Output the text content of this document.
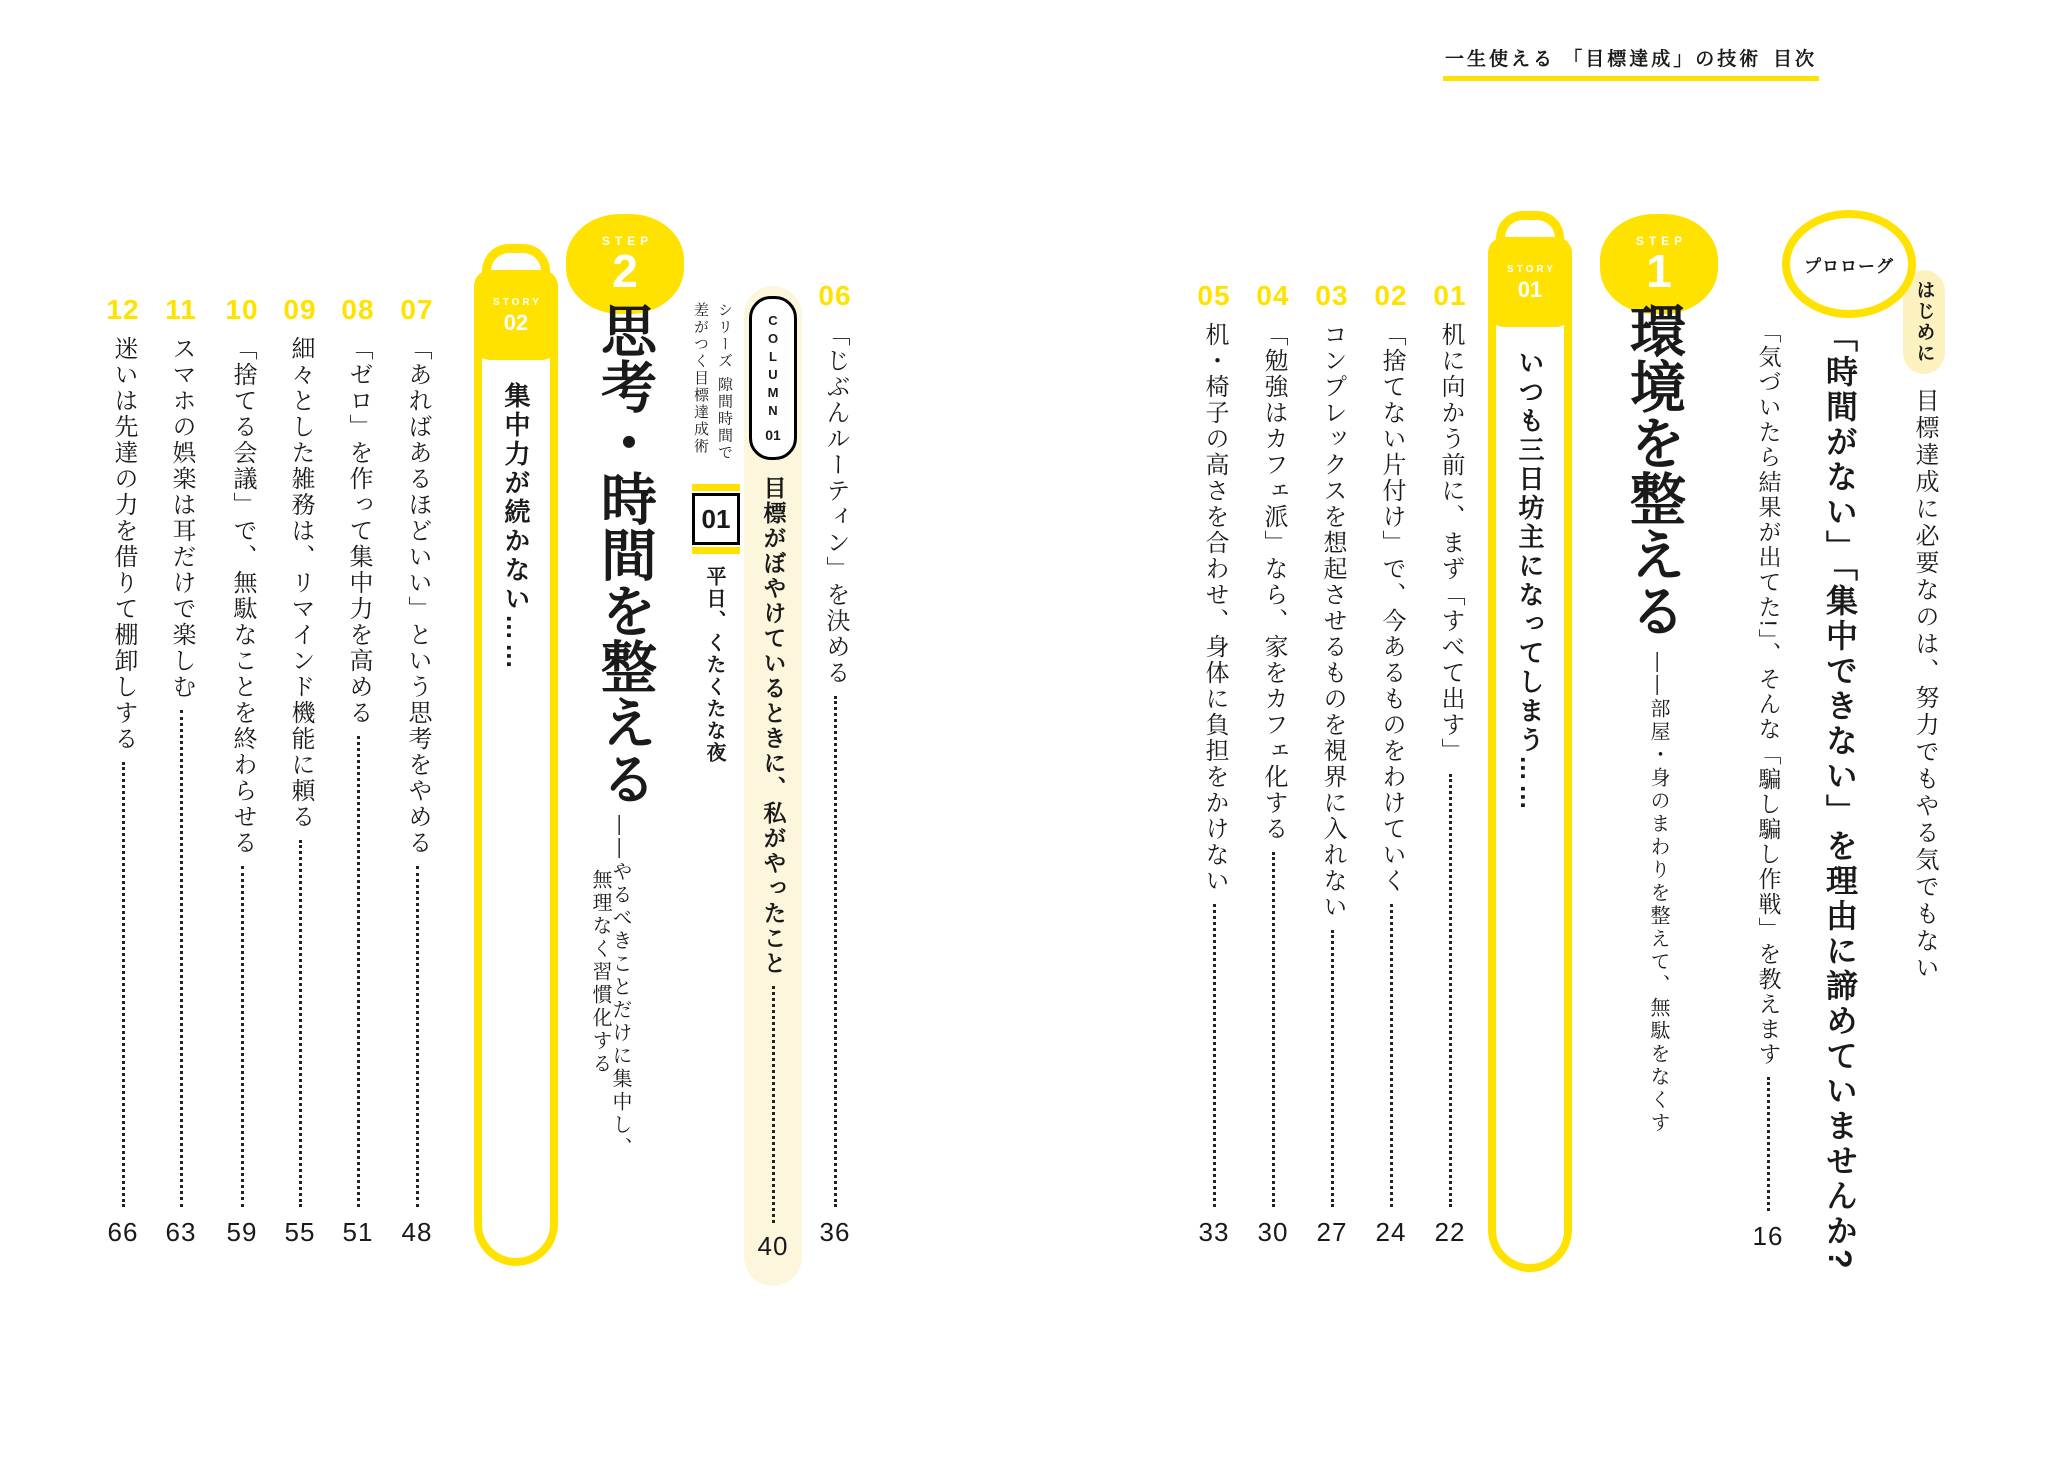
一生使える 「目標達成」の技術 目次
はじめに
目標達成に必要なのは、努力でもやる気でもない
プロローグ
「時間がない」「集中できない」を理由に諦めていませんか?
「気づいたら結果が出てた!」、そんな「騙し騙し作戦」を教えます
16
STEP
1
環境を整える
――部屋・身のまわりを整えて、無駄をなくす
STORY
01
いつも三日坊主になってしまう……
01
机に向かう前に、まず「すべて出す」
22
02
「捨てない片付け」で、今あるものをわけていく
24
03
コンプレックスを想起させるものを視界に入れない
27
04
「勉強はカフェ派」なら、家をカフェ化する
30
05
机・椅子の高さを合わせ、身体に負担をかけない
33
STEP
2
思考・時間を整える
――やるべきことだけに集中し、
無理なく習慣化する
STORY
02
集中力が続かない……
シリーズ 隙間時間で
差がつく目標達成術
01
平日、くたくたな夜
COLUMN
01
目標がぼやけているときに、私がやったこと
40
06
「じぶんルーティン」を決める
36
07
「あればあるほどいい」という思考をやめる
48
08
「ゼロ」を作って集中力を高める
51
09
細々とした雑務は、リマインド機能に頼る
55
10
「捨てる会議」で、無駄なことを終わらせる
59
11
スマホの娯楽は耳だけで楽しむ
63
12
迷いは先達の力を借りて棚卸しする
66
